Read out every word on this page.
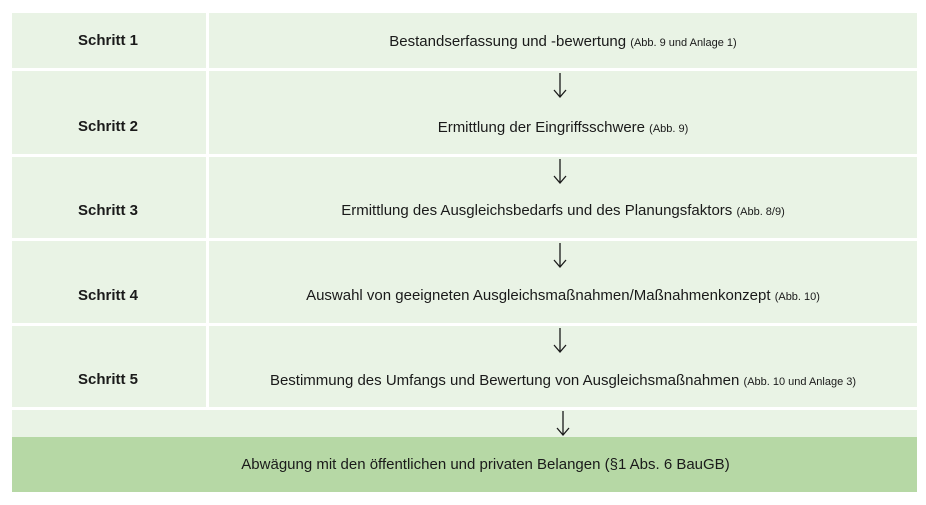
Schritt 1	Bestandserfassung und -bewertung (Abb. 9 und Anlage 1)
Schritt 2	Ermittlung der Eingriffsschwere (Abb. 9)
Schritt 3	Ermittlung des Ausgleichsbedarfs und des Planungsfaktors (Abb. 8/9)
Schritt 4	Auswahl von geeigneten Ausgleichsmaßnahmen/Maßnahmenkonzept (Abb. 10)
Schritt 5	Bestimmung des Umfangs und Bewertung von Ausgleichsmaßnahmen (Abb. 10 und Anlage 3)
Abwägung mit den öffentlichen und privaten Belangen (§1 Abs. 6 BauGB)
